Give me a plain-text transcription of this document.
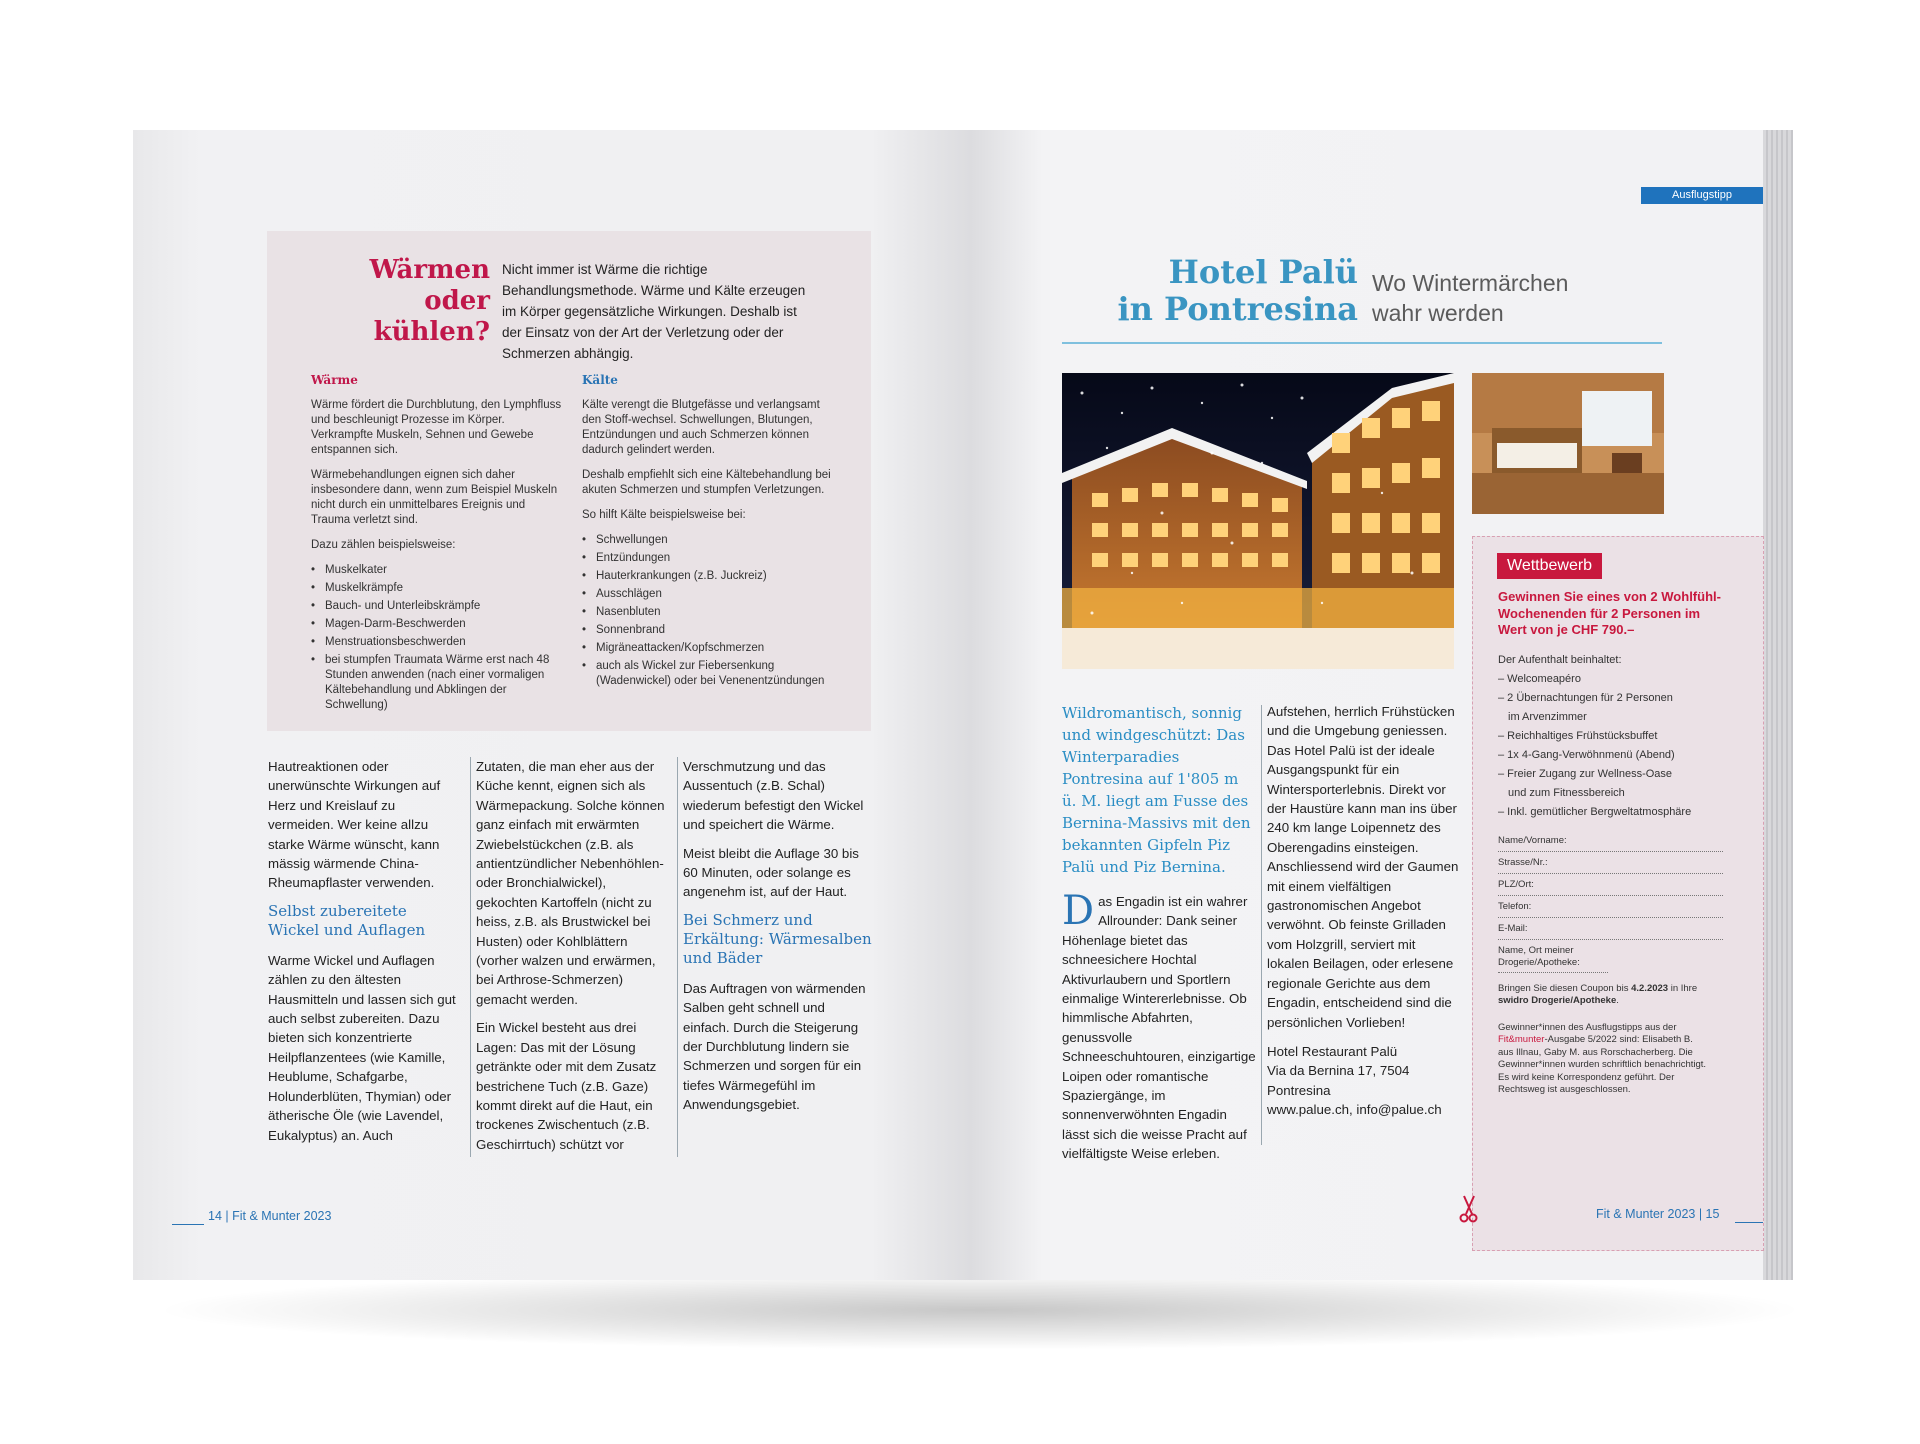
Wärmen
oder
kühlen?
Nicht immer ist Wärme die richtige Behandlungsmethode. Wärme und Kälte erzeugen im Körper gegensätzliche Wirkungen. Deshalb ist der Einsatz von der Art der Verletzung oder der Schmerzen abhängig.
Wärme

Wärme fördert die Durchblutung, den Lymphfluss und beschleunigt Prozesse im Körper. Verkrampfte Muskeln, Sehnen und Gewebe entspannen sich.

Wärmebehandlungen eignen sich daher insbesondere dann, wenn zum Beispiel Muskeln nicht durch ein unmittelbares Ereignis und Trauma verletzt sind.

Dazu zählen beispielsweise:

• Muskelkater
• Muskelkrämpfe
• Bauch- und Unterleibskrämpfe
• Magen-Darm-Beschwerden
• Menstruationsbeschwerden
• bei stumpfen Traumata Wärme erst nach 48 Stunden anwenden (nach einer vormaligen Kältebehandlung und Abklingen der Schwellung)
Kälte

Kälte verengt die Blutgefässe und verlangsamt den Stoff-wechsel. Schwellungen, Blutungen, Entzündungen und auch Schmerzen können dadurch gelindert werden.

Deshalb empfiehlt sich eine Kältebehandlung bei akuten Schmerzen und stumpfen Verletzungen.

So hilft Kälte beispielsweise bei:

• Schwellungen
• Entzündungen
• Hauterkrankungen (z.B. Juckreiz)
• Ausschlägen
• Nasenbluten
• Sonnenbrand
• Migräneattacken/Kopfschmerzen
• auch als Wickel zur Fiebersenkung (Wadenwickel) oder bei Venenentzündungen

Hautreaktionen oder unerwünschte Wirkungen auf Herz und Kreislauf zu vermeiden. Wer keine allzu starke Wärme wünscht, kann mässig wärmende China-Rheumapflaster verwenden.

Selbst zubereitete Wickel und Auflagen

Warme Wickel und Auflagen zählen zu den ältesten Hausmitteln und lassen sich gut auch selbst zubereiten. Dazu bieten sich konzentrierte Heilpflanzentees (wie Kamille, Heublume, Schafgarbe, Holunderblüten, Thymian) oder ätherische Öle (wie Lavendel, Eukalyptus) an. Auch

Zutaten, die man eher aus der Küche kennt, eignen sich als Wärmepackung. Solche können ganz einfach mit erwärmten Zwiebelstückchen (z.B. als antientzündlicher Nebenhöhlen- oder Bronchialwickel), gekochten Kartoffeln (nicht zu heiss, z.B. als Brustwickel bei Husten) oder Kohlblättern (vorher walzen und erwärmen, bei Arthrose-Schmerzen) gemacht werden.

Ein Wickel besteht aus drei Lagen: Das mit der Lösung getränkte oder mit dem Zusatz bestrichene Tuch (z.B. Gaze) kommt direkt auf die Haut, ein trockenes Zwischentuch (z.B. Geschirrtuch) schützt vor

Verschmutzung und das Aussentuch (z.B. Schal) wiederum befestigt den Wickel und speichert die Wärme.

Meist bleibt die Auflage 30 bis 60 Minuten, oder solange es angenehm ist, auf der Haut.

Bei Schmerz und Erkältung: Wärmesalben und Bäder

Das Auftragen von wärmenden Salben geht schnell und einfach. Durch die Steigerung der Durchblutung lindern sie Schmerzen und sorgen für ein tiefes Wärmegefühl im Anwendungsgebiet.

14 | Fit & Munter 2023
Ausflugstipp
Hotel Palü
in Pontresina
Wo Wintermärchen
wahr werden
Wildromantisch, sonnig und windgeschützt: Das Winterparadies Pontresina auf 1'805 m ü. M. liegt am Fusse des Bernina-Massivs mit den bekannten Gipfeln Piz Palü und Piz Bernina.
D as Engadin ist ein wahrer Allrounder: Dank seiner Höhenlage bietet das schneesichere Hochtal Aktivurlaubern und Sportlern einmalige Wintererlebnisse. Ob himmlische Abfahrten, genussvolle Schneeschuhtouren, einzigartige Loipen oder romantische Spaziergänge, im sonnenverwöhnten Engadin lässt sich die weisse Pracht auf vielfältigste Weise erleben.

Aufstehen, herrlich Frühstücken und die Umgebung geniessen. Das Hotel Palü ist der ideale Ausgangspunkt für ein Wintersporterlebnis. Direkt vor der Haustüre kann man ins über 240 km lange Loipennetz des Oberengadins einsteigen. Anschliessend wird der Gaumen mit einem vielfältigen gastronomischen Angebot verwöhnt. Ob feinste Grilladen vom Holzgrill, serviert mit lokalen Beilagen, oder erlesene regionale Gerichte aus dem Engadin, entscheidend sind die persönlichen Vorlieben!

Hotel Restaurant Palü
Via da Bernina 17, 7504
Pontresina
www.palue.ch, info@palue.ch
Wettbewerb
Gewinnen Sie eines von 2 Wohlfühl-Wochenenden für 2 Personen im Wert von je CHF 790.–
Der Aufenthalt beinhaltet:
– Welcomeapéro
– 2 Übernachtungen für 2 Personen
im Arvenzimmer
– Reichhaltiges Frühstücksbuffet
– 1x 4-Gang-Verwöhnmenü (Abend)
– Freier Zugang zur Wellness-Oase
und zum Fitnessbereich
– Inkl. gemütlicher Bergweltatmosphäre
Name/Vorname:
Strasse/Nr.:
PLZ/Ort:
Telefon:
E-Mail:
Name, Ort meiner Drogerie/Apotheke:
Bringen Sie diesen Coupon bis 4.2.2023 in Ihre swidro Drogerie/Apotheke.
Gewinner*innen des Ausflugstipps aus der Fit&munter-Ausgabe 5/2022 sind: Elisabeth B. aus Illnau, Gaby M. aus Rorschacherberg. Die Gewinner*innen wurden schriftlich benachrichtigt. Es wird keine Korrespondenz geführt. Der Rechtsweg ist ausgeschlossen.
Fit & Munter 2023 | 15
